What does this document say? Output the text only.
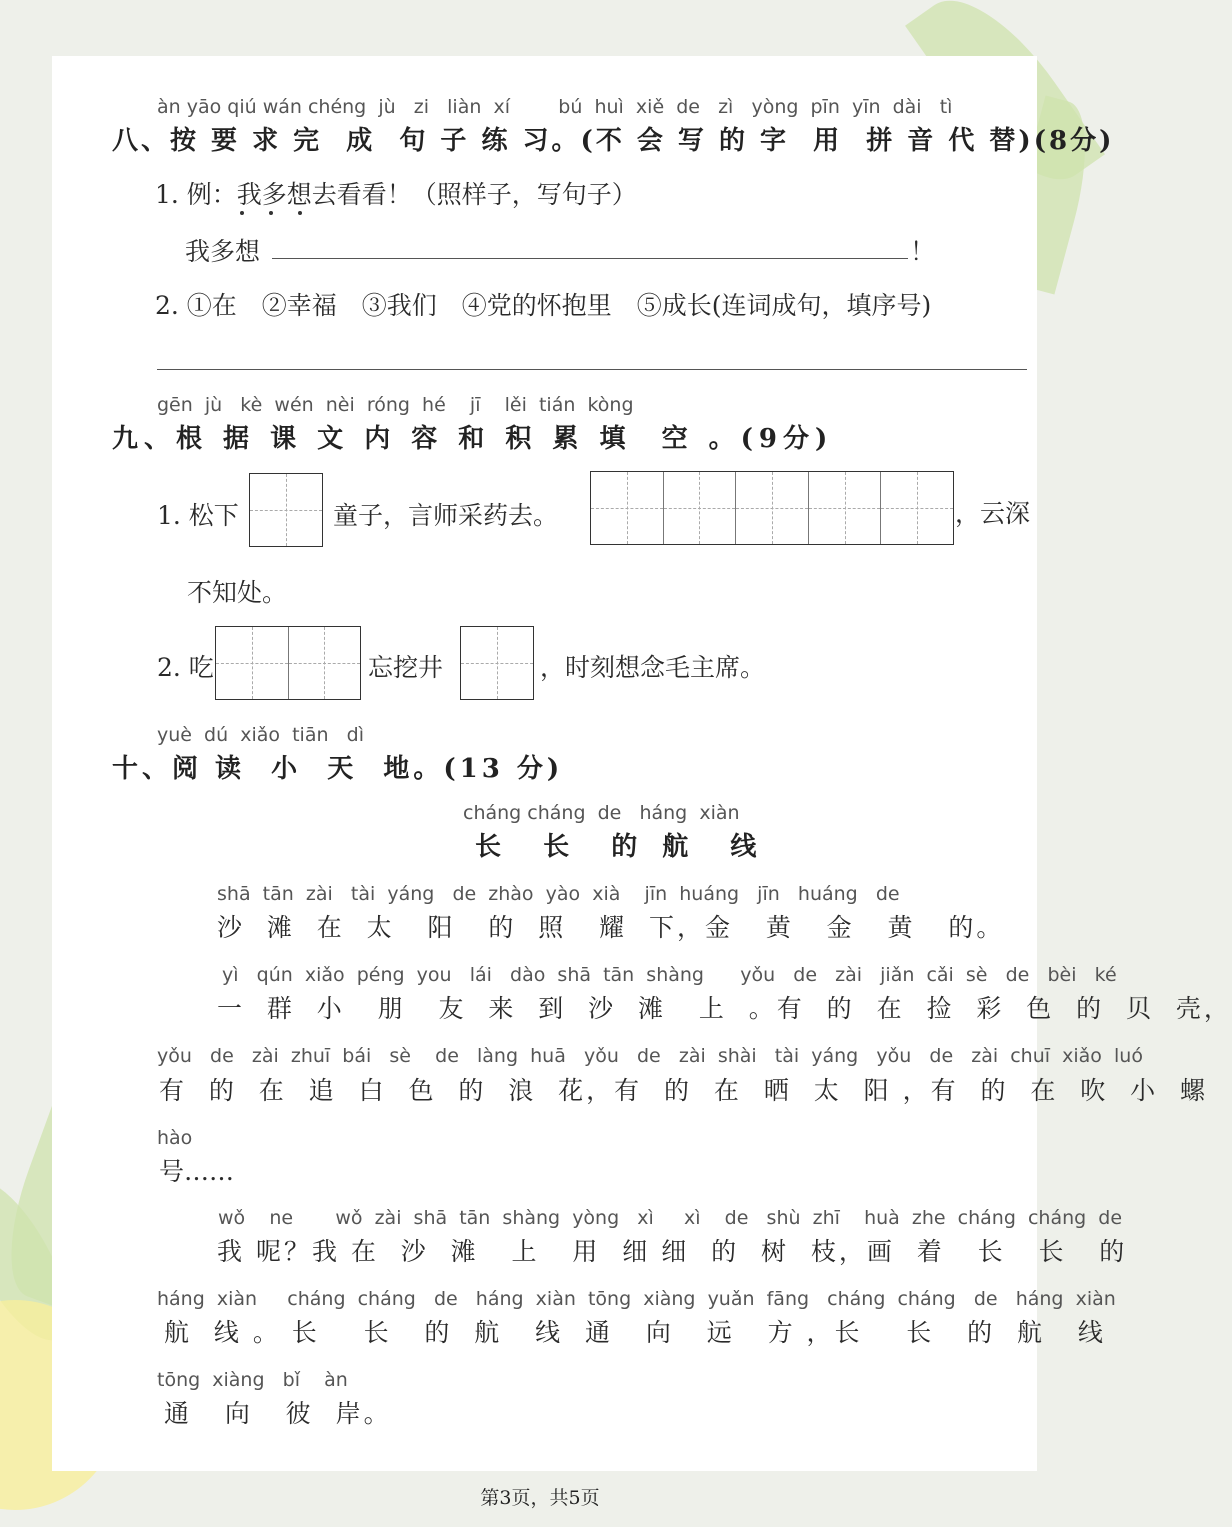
àn yāo qiú wán chéng  jù   zi   liàn  xí        bú  huì  xiě  de   zì   yòng  pīn  yīn  dài   tì
八、按 要 求 完  成  句 子 练 习。(不 会 写 的 字  用  拼 音 代 替)(8分)
1. 例：我多想去看看！（照样子，写句子）
我多想	！
2. ①在　②幸福　③我们　④党的怀抱里　⑤成长(连词成句，填序号)
gēn  jù   kè  wén  nèi  róng  hé    jī    lěi  tián  kòng
九、根 据 课 文 内 容 和 积 累 填  空 。(9分)
1. 松下	童子，言师采药去。	，云深
不知处。
2. 吃	忘挖井	，时刻想念毛主席。
yuè  dú  xiǎo  tiān   dì
十、阅 读  小  天  地。(13 分)
cháng cháng  de   háng  xiàn
长  长  的 航  线
shā  tān  zài   tài  yáng   de  zhào  yào  xià    jīn  huáng   jīn   huáng   de
沙  滩  在  太   阳   的  照   耀  下，金   黄   金   黄   的。
yì   qún  xiǎo  péng  you   lái   dào  shā  tān  shàng      yǒu   de   zài   jiǎn  cǎi  sè   de   bèi   ké
一  群  小   朋   友  来  到  沙  滩   上  。有  的  在  捡  彩  色  的  贝  壳，
yǒu   de   zài  zhuī  bái   sè    de   làng  huā   yǒu   de   zài  shài   tài  yáng   yǒu   de   zài  chuī  xiǎo  luó
有  的  在  追  白  色  的  浪  花，有  的  在  晒  太  阳 ，有  的  在  吹  小  螺
hào
号……
wǒ    ne       wǒ  zài  shā  tān  shàng  yòng   xì     xì    de   shù  zhī    huà  zhe  cháng  cháng  de
我 呢？我 在  沙  滩   上   用  细 细  的  树  枝，画  着   长   长   的
háng  xiàn     cháng  cháng   de   háng  xiàn  tōng  xiàng  yuǎn  fāng   cháng  cháng   de   háng  xiàn
航  线 。 长    长   的  航   线  通   向   远   方 ，长    长   的  航   线
tōng  xiàng   bǐ    àn
通   向   彼  岸。
第3页，共5页
